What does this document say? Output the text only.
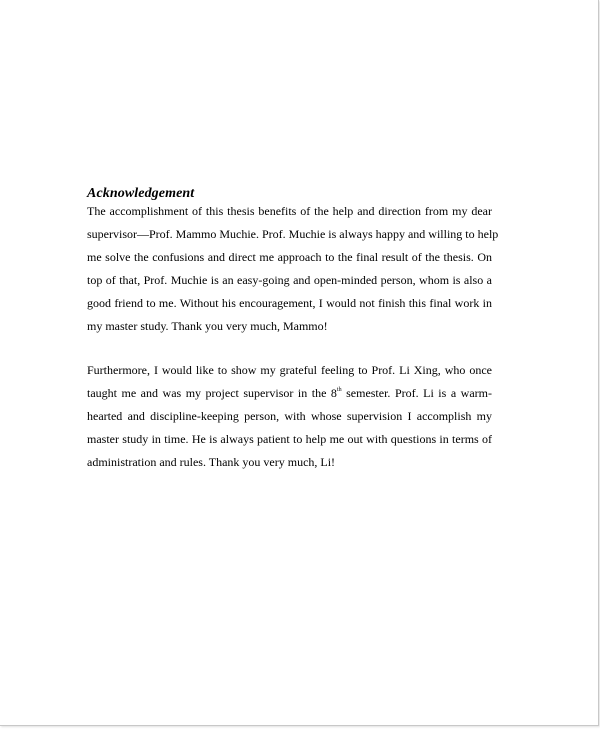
Acknowledgement
The accomplishment of this thesis benefits of the help and direction from my dear
supervisor—Prof. Mammo Muchie. Prof. Muchie is always happy and willing to help
me solve the confusions and direct me approach to the final result of the thesis. On
top of that, Prof. Muchie is an easy-going and open-minded person, whom is also a
good friend to me. Without his encouragement, I would not finish this final work in
my master study. Thank you very much, Mammo!
Furthermore, I would like to show my grateful feeling to Prof. Li Xing, who once
taught me and was my project supervisor in the 8th semester. Prof. Li is a warm-
hearted and discipline-keeping person, with whose supervision I accomplish my
master study in time. He is always patient to help me out with questions in terms of
administration and rules. Thank you very much, Li!
